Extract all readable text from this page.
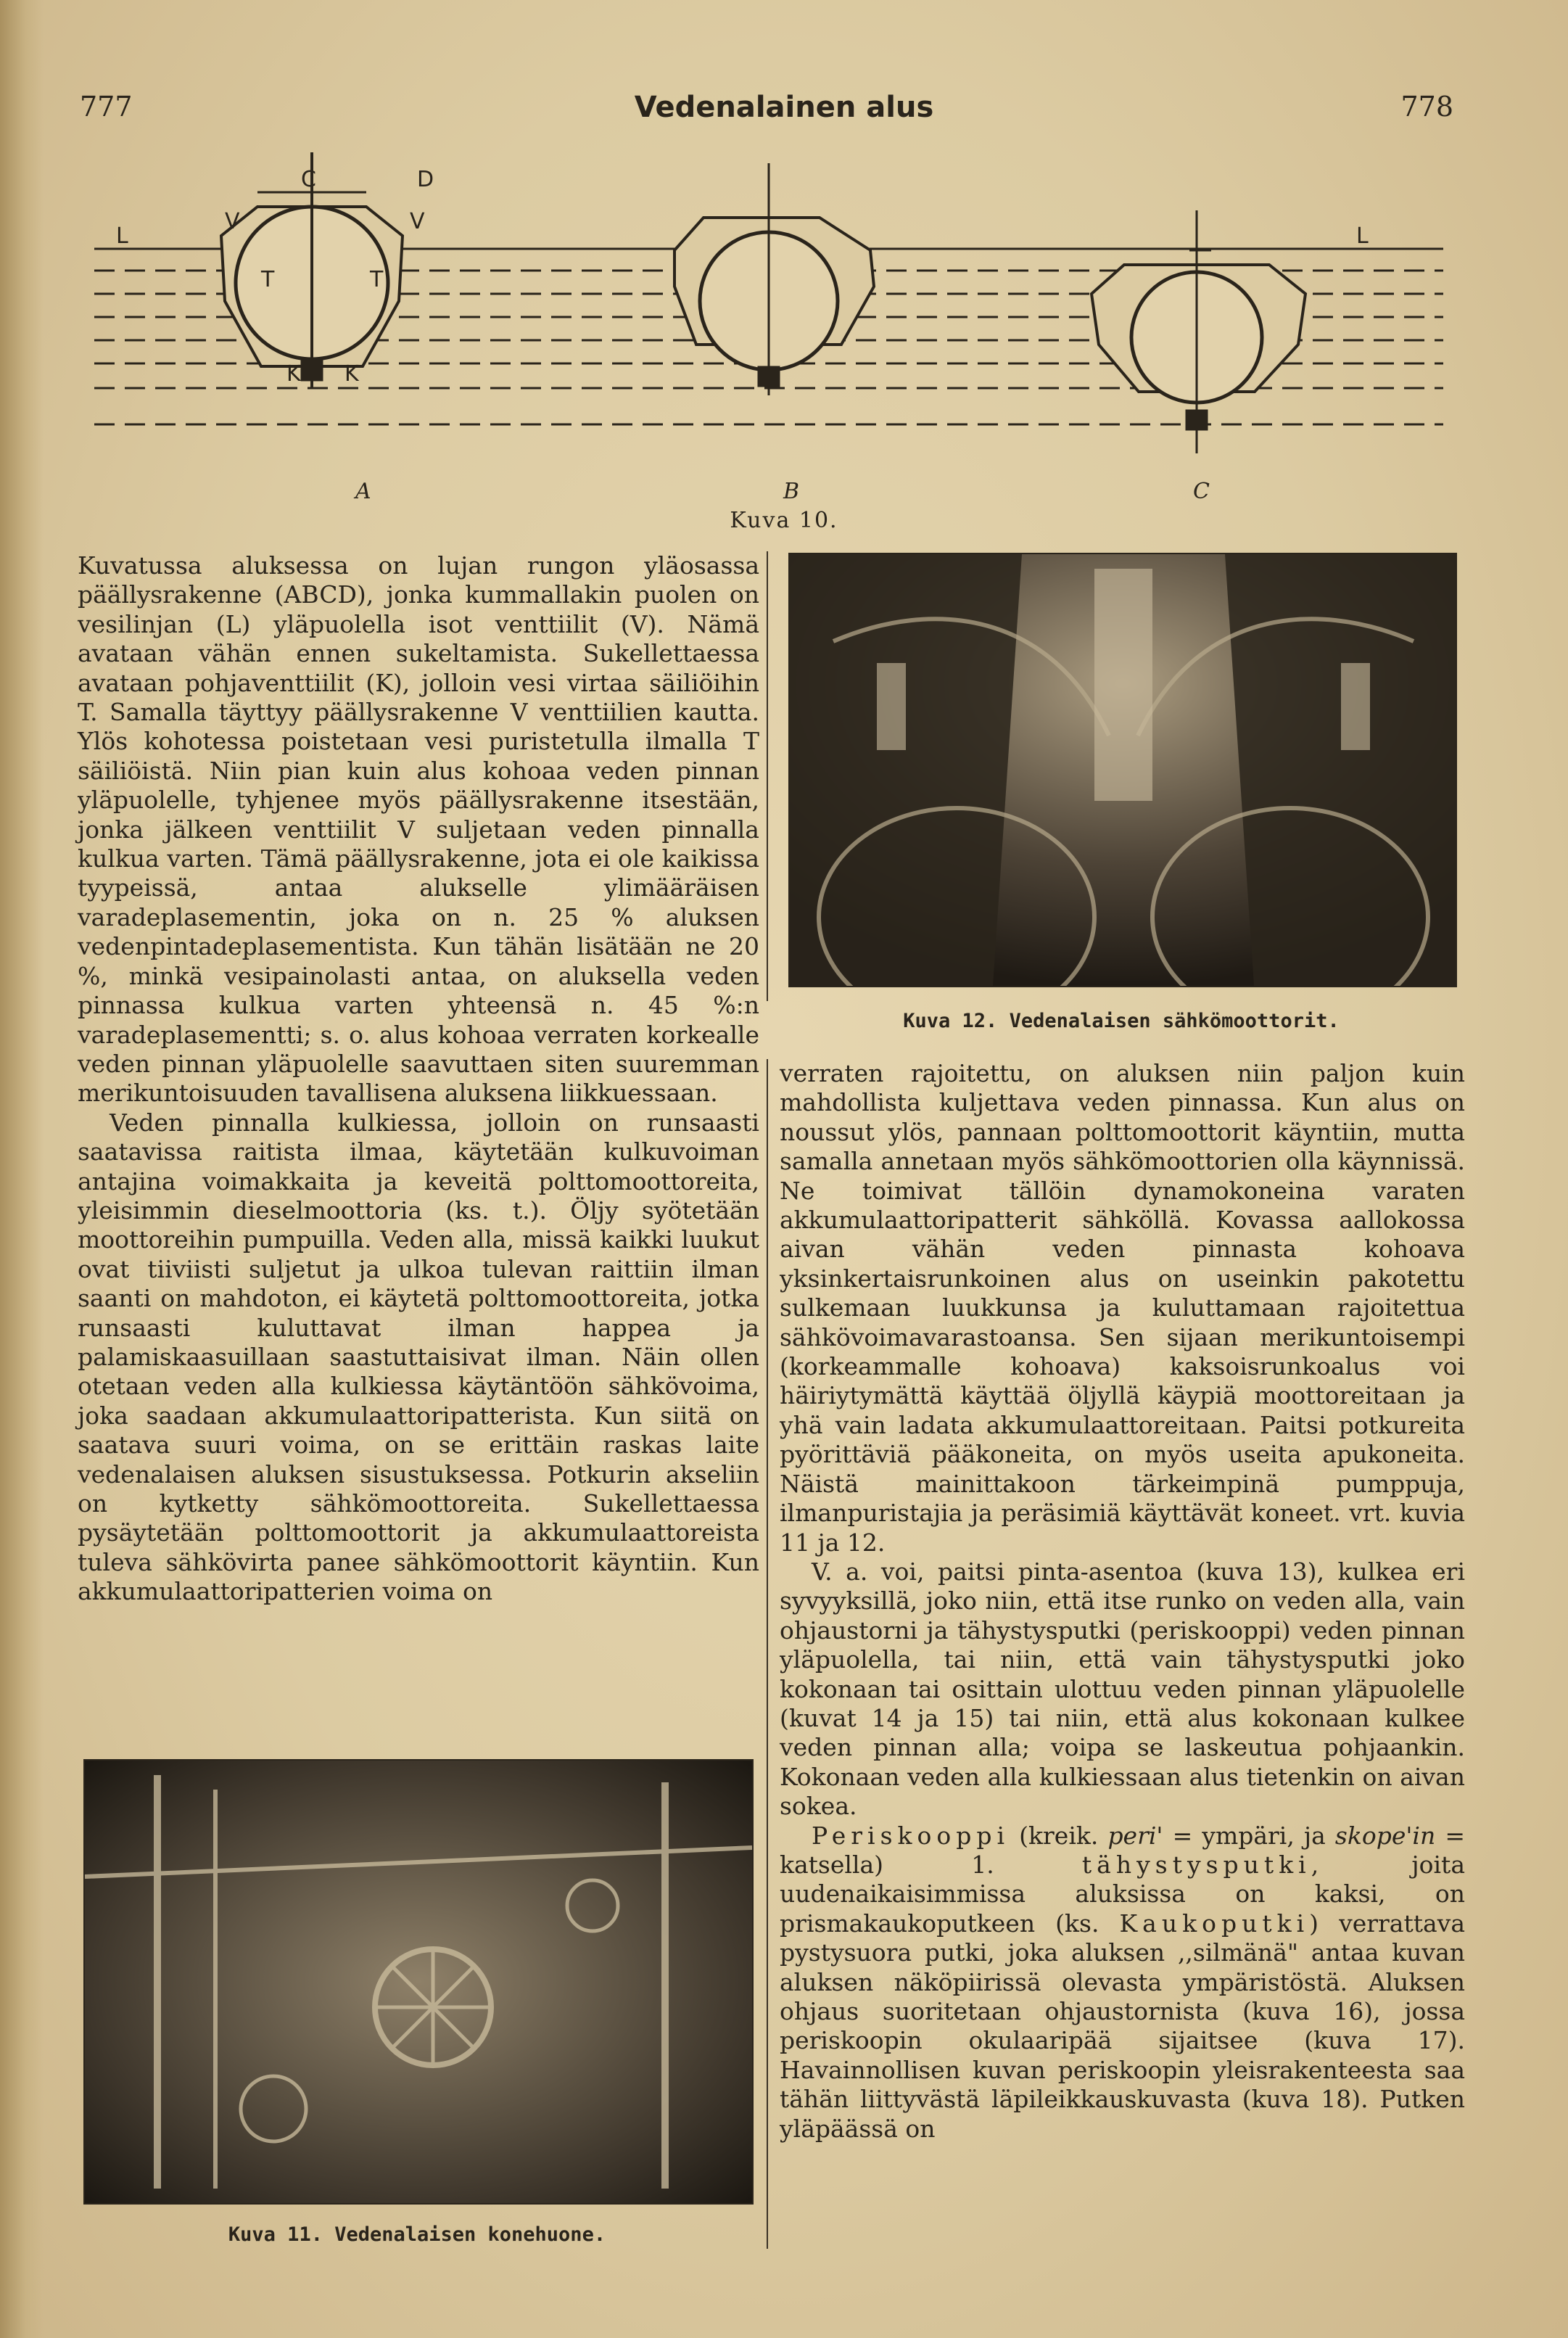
777	Vedenalainen alus	778
L	L
C	D
T	T
K K
V	V
A	B	C
Kuva 10.

Kuvatussa aluksessa on lujan rungon yläosassa päällysrakenne (ABCD), jonka kummallakin puolen on vesilinjan (L) yläpuolella isot venttiilit (V). Nämä avataan vähän ennen sukeltamista. Sukellettaessa avataan pohjaventtiilit (K), jolloin vesi virtaa säiliöihin T. Samalla täyttyy päällysrakenne V venttiilien kautta. Ylös kohotessa poistetaan vesi puristetulla ilmalla T säiliöistä. Niin pian kuin alus kohoaa veden pinnan yläpuolelle, tyhjenee myös päällysrakenne itsestään, jonka jälkeen venttiilit V suljetaan veden pinnalla kulkua varten. Tämä päällysrakenne, jota ei ole kaikissa tyypeissä, antaa alukselle ylimääräisen varadeplasementin, joka on n. 25 % aluksen vedenpintadeplasementista. Kun tähän lisätään ne 20 %, minkä vesipainolasti antaa, on aluksella veden pinnassa kulkua varten yhteensä n. 45 %:n varadeplasementti; s. o. alus kohoaa verraten korkealle veden pinnan yläpuolelle saavuttaen siten suuremman merikuntoisuuden tavallisena aluksena liikkuessaan.

Veden pinnalla kulkiessa, jolloin on runsaasti saatavissa raitista ilmaa, käytetään kulkuvoiman antajina voimakkaita ja keveitä polttomoottoreita, yleisimmin dieselmoottoria (ks. t.). Öljy syötetään moottoreihin pumpuilla. Veden alla, missä kaikki luukut ovat tiiviisti suljetut ja ulkoa tulevan raittiin ilman saanti on mahdoton, ei käytetä polttomoottoreita, jotka runsaasti kuluttavat ilman happea ja palamiskaasuillaan saastuttaisivat ilman. Näin ollen otetaan veden alla kulkiessa käytäntöön sähkövoima, joka saadaan akkumulaattoripatteristа. Kun siitä on saatava suuri voima, on se erittäin raskas laite vedenalaisen aluksen sisustuksessa. Potkurin akseliin on kytketty sähkömoottoreita. Sukellettaessa pysäytetään polttomoottorit ja akkumulaattoreista tuleva sähkövirta panee sähkömoottorit käyntiin. Kun akkumulaattoripatterien voima on

Kuva 12. Vedenalaisen sähkömoottorit.

verraten rajoitettu, on aluksen niin paljon kuin mahdollista kuljettava veden pinnassa. Kun alus on noussut ylös, pannaan polttomoottorit käyntiin, mutta samalla annetaan myös sähkömoottorien olla käynnissä. Ne toimivat tällöin dynamokoneina varaten akkumulaattoripatterit sähköllä. Kovassa aallokossa aivan vähän veden pinnasta kohoava yksinkertaisrunkoinen alus on useinkin pakotettu sulkemaan luukkunsa ja kuluttamaan rajoitettua sähkövoimavarastoansa. Sen sijaan merikuntoisempi (korkeammalle kohoava) kaksoisrunkoalus voi häiriytymättä käyttää öljyllä käypiä moottoreitaan ja yhä vain ladata akkumulaattoreitaan. Paitsi potkureita pyörittäviä pääkoneita, on myös useita apukoneita. Näistä mainittakoon tärkeimpinä pumppuja, ilmanpuristajia ja peräsimiä käyttävät koneet. vrt. kuvia 11 ja 12.

V. a. voi, paitsi pinta-asentoa (kuva 13), kulkea eri syvyyksillä, joko niin, että itse runko on veden alla, vain ohjaustorni ja tähystysputki (periskooppi) veden pinnan yläpuolella, tai niin, että vain tähystysputki joko kokonaan tai osittain ulottuu veden pinnan yläpuolelle (kuvat 14 ja 15) tai niin, että alus kokonaan kulkee veden pinnan alla; voipa se laskeutua pohjaankin. Kokonaan veden alla kulkiessaan alus tietenkin on aivan sokea.

Periskooppi (kreik. peri' = ympäri, ja skope'in = katsella) 1.	tähystysputki,	joita uudenaikaisimmissa aluksissa on kaksi, on prismakaukoputkeen (ks. Kaukoputki) verrattava pystysuora putki, joka aluksen ,,silmänä" antaa kuvan aluksen näköpiirissä olevasta ympäristöstä. Aluksen ohjaus suoritetaan ohjaustornista (kuva 16), jossa periskoopin okulaaripää sijaitsee (kuva 17). Havainnollisen kuvan periskoopin yleisrakenteesta saa tähän liittyvästä läpileikkauskuvasta (kuva 18). Putken yläpäässä on

Kuva 11. Vedenalaisen konehuone.
